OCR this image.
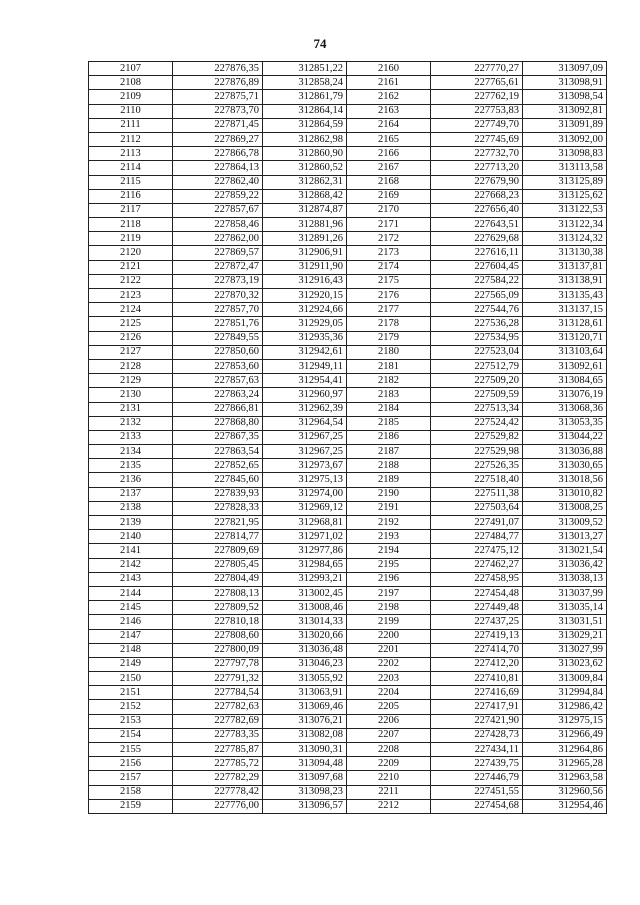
74
2107	227876,35	312851,22	2160	227770,27	313097,09
2108	227876,89	312858,24	2161	227765,61	313098,91
2109	227875,71	312861,79	2162	227762,19	313098,54
2110	227873,70	312864,14	2163	227753,83	313092,81
2111	227871,45	312864,59	2164	227749,70	313091,89
2112	227869,27	312862,98	2165	227745,69	313092,00
2113	227866,78	312860,90	2166	227732,70	313098,83
2114	227864,13	312860,52	2167	227713,20	313113,58
2115	227862,40	312862,31	2168	227679,90	313125,89
2116	227859,22	312868,42	2169	227668,23	313125,62
2117	227857,67	312874,87	2170	227656,40	313122,53
2118	227858,46	312881,96	2171	227643,51	313122,34
2119	227862,00	312891,26	2172	227629,68	313124,32
2120	227869,57	312906,91	2173	227616,11	313130,38
2121	227872,47	312911,90	2174	227604,45	313137,81
2122	227873,19	312916,43	2175	227584,22	313138,91
2123	227870,32	312920,15	2176	227565,09	313135,43
2124	227857,70	312924,66	2177	227544,76	313137,15
2125	227851,76	312929,05	2178	227536,28	313128,61
2126	227849,55	312935,36	2179	227534,95	313120,71
2127	227850,60	312942,61	2180	227523,04	313103,64
2128	227853,60	312949,11	2181	227512,79	313092,61
2129	227857,63	312954,41	2182	227509,20	313084,65
2130	227863,24	312960,97	2183	227509,59	313076,19
2131	227866,81	312962,39	2184	227513,34	313068,36
2132	227868,80	312964,54	2185	227524,42	313053,35
2133	227867,35	312967,25	2186	227529,82	313044,22
2134	227863,54	312967,25	2187	227529,98	313036,88
2135	227852,65	312973,67	2188	227526,35	313030,65
2136	227845,60	312975,13	2189	227518,40	313018,56
2137	227839,93	312974,00	2190	227511,38	313010,82
2138	227828,33	312969,12	2191	227503,64	313008,25
2139	227821,95	312968,81	2192	227491,07	313009,52
2140	227814,77	312971,02	2193	227484,77	313013,27
2141	227809,69	312977,86	2194	227475,12	313021,54
2142	227805,45	312984,65	2195	227462,27	313036,42
2143	227804,49	312993,21	2196	227458,95	313038,13
2144	227808,13	313002,45	2197	227454,48	313037,99
2145	227809,52	313008,46	2198	227449,48	313035,14
2146	227810,18	313014,33	2199	227437,25	313031,51
2147	227808,60	313020,66	2200	227419,13	313029,21
2148	227800,09	313036,48	2201	227414,70	313027,99
2149	227797,78	313046,23	2202	227412,20	313023,62
2150	227791,32	313055,92	2203	227410,81	313009,84
2151	227784,54	313063,91	2204	227416,69	312994,84
2152	227782,63	313069,46	2205	227417,91	312986,42
2153	227782,69	313076,21	2206	227421,90	312975,15
2154	227783,35	313082,08	2207	227428,73	312966,49
2155	227785,87	313090,31	2208	227434,11	312964,86
2156	227785,72	313094,48	2209	227439,75	312965,28
2157	227782,29	313097,68	2210	227446,79	312963,58
2158	227778,42	313098,23	2211	227451,55	312960,56
2159	227776,00	313096,57	2212	227454,68	312954,46
